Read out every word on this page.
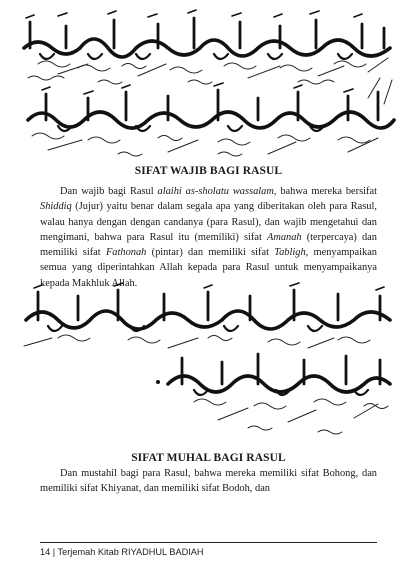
SIFAT WAJIB BAGI RASUL

Dan wajib bagi Rasul alaihi as-sholatu wassalam, bahwa mereka bersifat Shiddiq (Jujur) yaitu benar dalam segala apa yang diberitakan oleh para Rasul, walau hanya dengan dengan candanya (para Rasul), dan wajib mengetahui dan mengimani, bahwa para Rasul itu (memiliki) sifat Amanah (terpercaya) dan memiliki sifat Fathonah (pintar) dan memiliki sifat Tabligh, menyampaikan semua yang diperintahkan Allah kepada para Rasul untuk menyampaikanya kepada Makhluk Allah.

SIFAT MUHAL BAGI RASUL

Dan mustahil bagi para Rasul, bahwa mereka memiliki sifat Bohong, dan memiliki sifat Khiyanat, dan memiliki sifat Bodoh, dan

14 | Terjemah Kitab RIYADHUL BADIAH
